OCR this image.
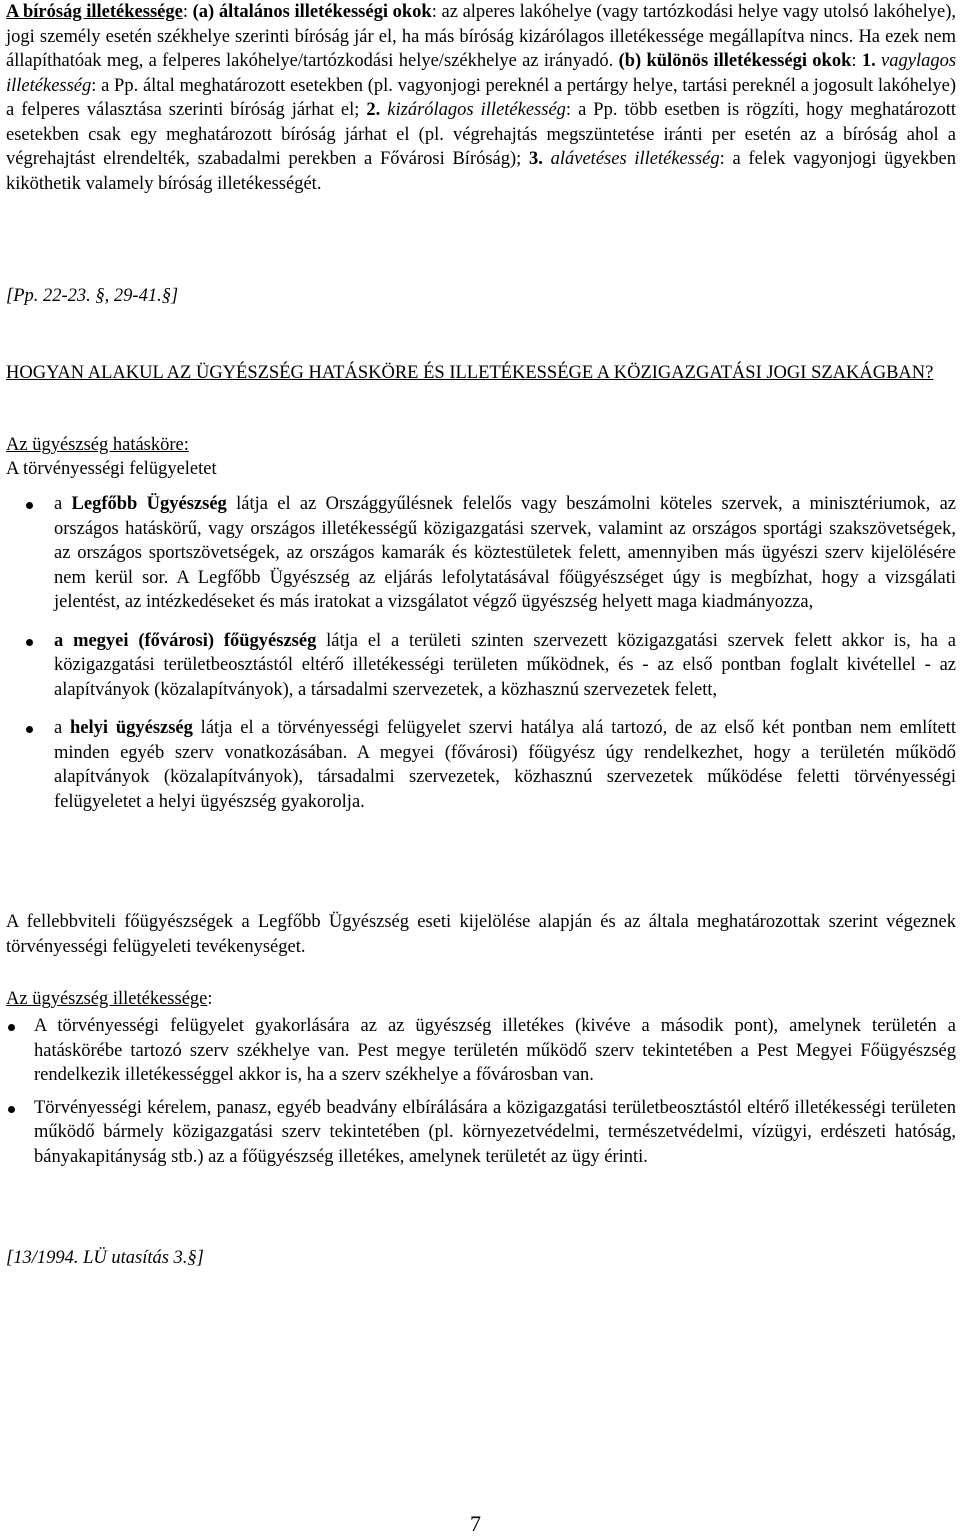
A bíróság illetékessége: (a) általános illetékességi okok: az alperes lakóhelye (vagy tartózkodási helye vagy utolsó lakóhelye), jogi személy esetén székhelye szerinti bíróság jár el, ha más bíróság kizárólagos illetékessége megállapítva nincs. Ha ezek nem állapíthatóak meg, a felperes lakóhelye/tartózkodási helye/székhelye az irányadó. (b) különös illetékességi okok: 1. vagylagos illetékesség: a Pp. által meghatározott esetekben (pl. vagyonjogi pereknél a pertárgy helye, tartási pereknél a jogosult lakóhelye) a felperes választása szerinti bíróság járhat el; 2. kizárólagos illetékesség: a Pp. több esetben is rögzíti, hogy meghatározott esetekben csak egy meghatározott bíróság járhat el (pl. végrehajtás megszüntetése iránti per esetén az a bíróság ahol a végrehajtást elrendelték, szabadalmi perekben a Fővárosi Bíróság); 3. alávetéses illetékesség: a felek vagyonjogi ügyekben kiköthetik valamely bíróság illetékességét.

[Pp. 22-23. §, 29-41.§]

HOGYAN ALAKUL AZ ÜGYÉSZSÉG HATÁSKÖRE ÉS ILLETÉKESSÉGE A KÖZIGAZGATÁSI JOGI SZAKÁGBAN?

Az ügyészség hatásköre:

A törvényességi felügyeletet

a Legfőbb Ügyészség látja el az Országgyűlésnek felelős vagy beszámolni köteles szervek, a minisztériumok, az országos hatáskörű, vagy országos illetékességű közigazgatási szervek, valamint az országos sportági szakszövetségek, az országos sportszövetségek, az országos kamarák és köztestületek felett, amennyiben más ügyészi szerv kijelölésére nem kerül sor. A Legfőbb Ügyészség az eljárás lefolytatásával főügyészséget úgy is megbízhat, hogy a vizsgálati jelentést, az intézkedéseket és más iratokat a vizsgálatot végző ügyészség helyett maga kiadmányozza,
a megyei (fővárosi) főügyészség látja el a területi szinten szervezett közigazgatási szervek felett akkor is, ha a közigazgatási területbeosztástól eltérő illetékességi területen működnek, és - az első pontban foglalt kivétellel - az alapítványok (közalapítványok), a társadalmi szervezetek, a közhasznú szervezetek felett,
a helyi ügyészség látja el a törvényességi felügyelet szervi hatálya alá tartozó, de az első két pontban nem említett minden egyéb szerv vonatkozásában. A megyei (fővárosi) főügyész úgy rendelkezhet, hogy a területén működő alapítványok (közalapítványok), társadalmi szervezetek, közhasznú szervezetek működése feletti törvényességi felügyeletet a helyi ügyészség gyakorolja.

A fellebbviteli főügyészségek a Legfőbb Ügyészség eseti kijelölése alapján és az általa meghatározottak szerint végeznek törvényességi felügyeleti tevékenységet.

Az ügyészség illetékessége:

A törvényességi felügyelet gyakorlására az az ügyészség illetékes (kivéve a második pont), amelynek területén a hatáskörébe tartozó szerv székhelye van. Pest megye területén működő szerv tekintetében a Pest Megyei Főügyészség rendelkezik illetékességgel akkor is, ha a szerv székhelye a fővárosban van.
Törvényességi kérelem, panasz, egyéb beadvány elbírálására a közigazgatási területbeosztástól eltérő illetékességi területen működő bármely közigazgatási szerv tekintetében (pl. környezetvédelmi, természetvédelmi, vízügyi, erdészeti hatóság, bányakapitányság stb.) az a főügyészség illetékes, amelynek területét az ügy érinti.

[13/1994. LÜ utasítás 3.§]

7
